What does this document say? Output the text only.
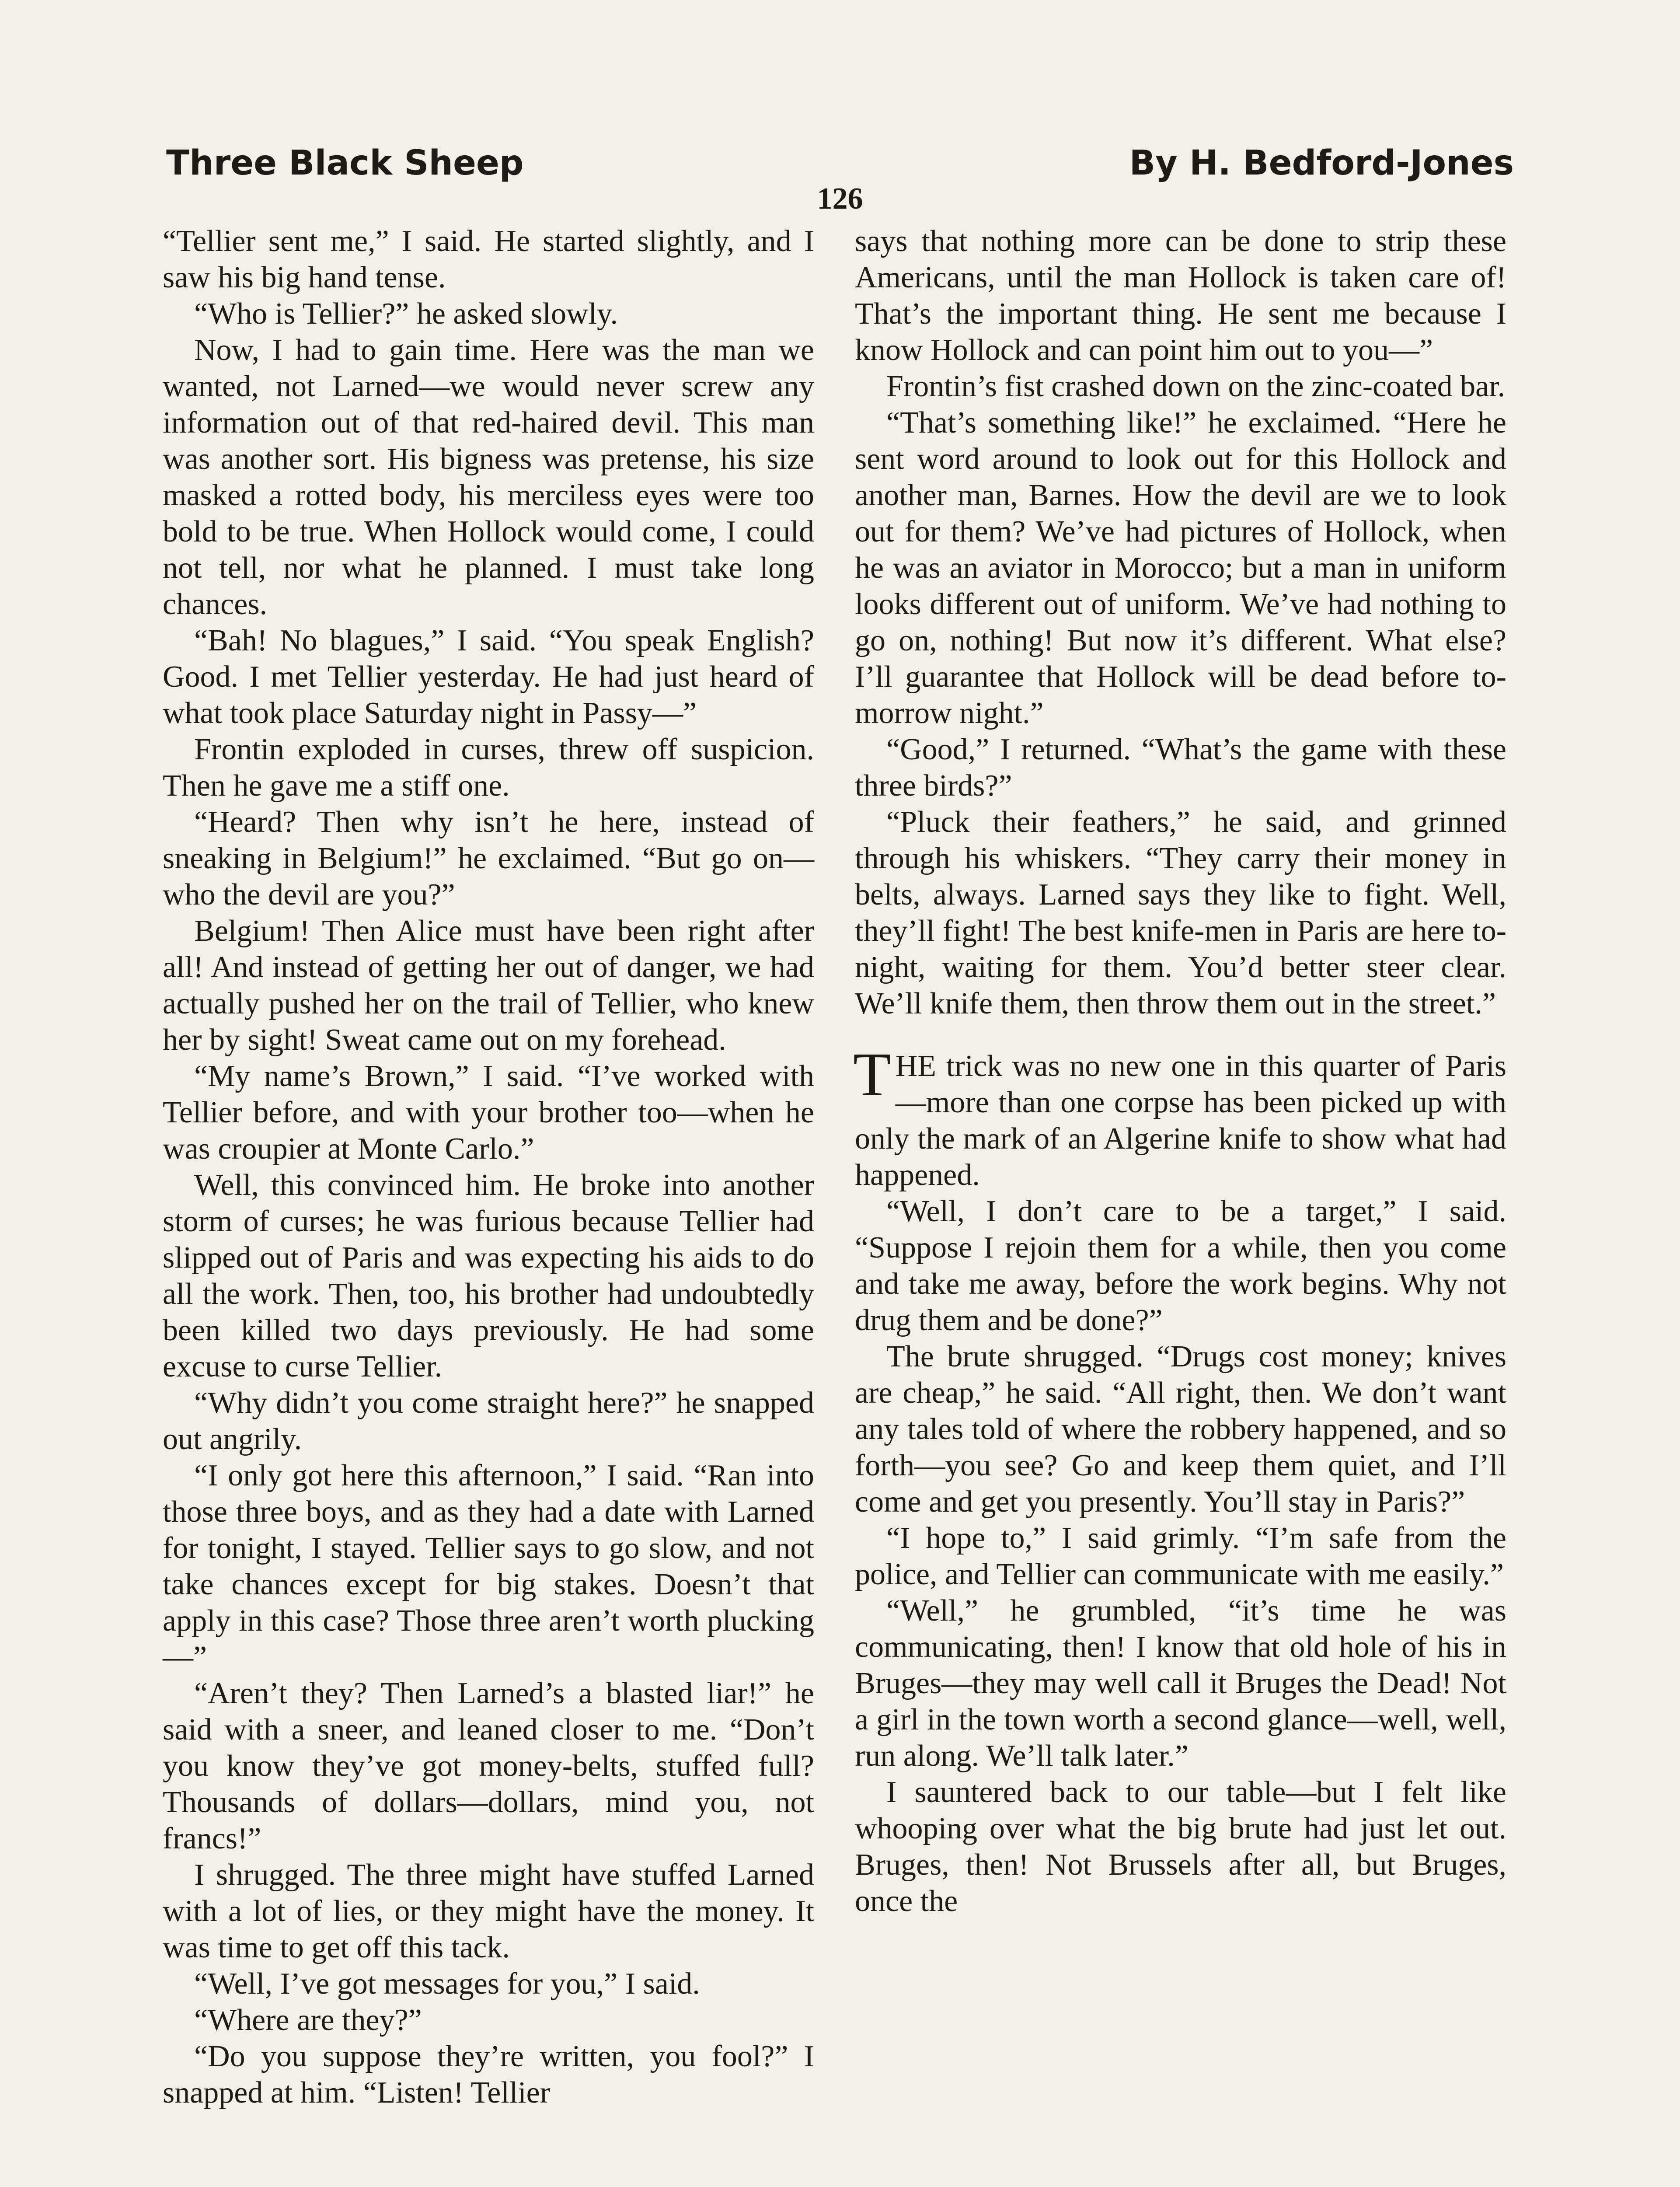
Three Black Sheep	By H. Bedford-Jones
126

“Tellier sent me,” I said. He started slightly, and I saw his big hand tense.

“Who is Tellier?” he asked slowly.

Now, I had to gain time. Here was the man we wanted, not Larned—we would never screw any information out of that red-haired devil. This man was another sort. His bigness was pretense, his size masked a rotted body, his merciless eyes were too bold to be true. When Hollock would come, I could not tell, nor what he planned. I must take long chances.

“Bah! No blagues,” I said. “You speak English? Good. I met Tellier yesterday. He had just heard of what took place Saturday night in Passy—”

Frontin exploded in curses, threw off suspicion. Then he gave me a stiff one.

“Heard? Then why isn’t he here, instead of sneaking in Belgium!” he exclaimed. “But go on—who the devil are you?”

Belgium! Then Alice must have been right after all! And instead of getting her out of danger, we had actually pushed her on the trail of Tellier, who knew her by sight! Sweat came out on my forehead.

“My name’s Brown,” I said. “I’ve worked with Tellier before, and with your brother too—when he was croupier at Monte Carlo.”

Well, this convinced him. He broke into another storm of curses; he was furious because Tellier had slipped out of Paris and was expecting his aids to do all the work. Then, too, his brother had undoubtedly been killed two days previously. He had some excuse to curse Tellier.

“Why didn’t you come straight here?” he snapped out angrily.

“I only got here this afternoon,” I said. “Ran into those three boys, and as they had a date with Larned for tonight, I stayed. Tellier says to go slow, and not take chances except for big stakes. Doesn’t that apply in this case? Those three aren’t worth plucking—”

“Aren’t they? Then Larned’s a blasted liar!” he said with a sneer, and leaned closer to me. “Don’t you know they’ve got money-belts, stuffed full? Thousands of dollars—dollars, mind you, not francs!”

I shrugged. The three might have stuffed Larned with a lot of lies, or they might have the money. It was time to get off this tack.

“Well, I’ve got messages for you,” I said.

“Where are they?”

“Do you suppose they’re written, you fool?” I snapped at him. “Listen! Tellier

says that nothing more can be done to strip these Americans, until the man Hollock is taken care of! That’s the important thing. He sent me because I know Hollock and can point him out to you—”

Frontin’s fist crashed down on the zinc-coated bar.

“That’s something like!” he exclaimed. “Here he sent word around to look out for this Hollock and another man, Barnes. How the devil are we to look out for them? We’ve had pictures of Hollock, when he was an aviator in Morocco; but a man in uniform looks different out of uniform. We’ve had nothing to go on, nothing! But now it’s different. What else? I’ll guarantee that Hollock will be dead before to-morrow night.”

“Good,” I returned. “What’s the game with these three birds?”

“Pluck their feathers,” he said, and grinned through his whiskers. “They carry their money in belts, always. Larned says they like to fight. Well, they’ll fight! The best knife-men in Paris are here to-night, waiting for them. You’d better steer clear. We’ll knife them, then throw them out in the street.”

THE trick was no new one in this quarter of Paris—more than one corpse has been picked up with only the mark of an Algerine knife to show what had happened.

“Well, I don’t care to be a target,” I said. “Suppose I rejoin them for a while, then you come and take me away, before the work begins. Why not drug them and be done?”

The brute shrugged. “Drugs cost money; knives are cheap,” he said. “All right, then. We don’t want any tales told of where the robbery happened, and so forth—you see? Go and keep them quiet, and I’ll come and get you presently. You’ll stay in Paris?”

“I hope to,” I said grimly. “I’m safe from the police, and Tellier can communicate with me easily.”

“Well,” he grumbled, “it’s time he was communicating, then! I know that old hole of his in Bruges—they may well call it Bruges the Dead! Not a girl in the town worth a second glance—well, well, run along. We’ll talk later.”

I sauntered back to our table—but I felt like whooping over what the big brute had just let out. Bruges, then! Not Brussels after all, but Bruges, once the
